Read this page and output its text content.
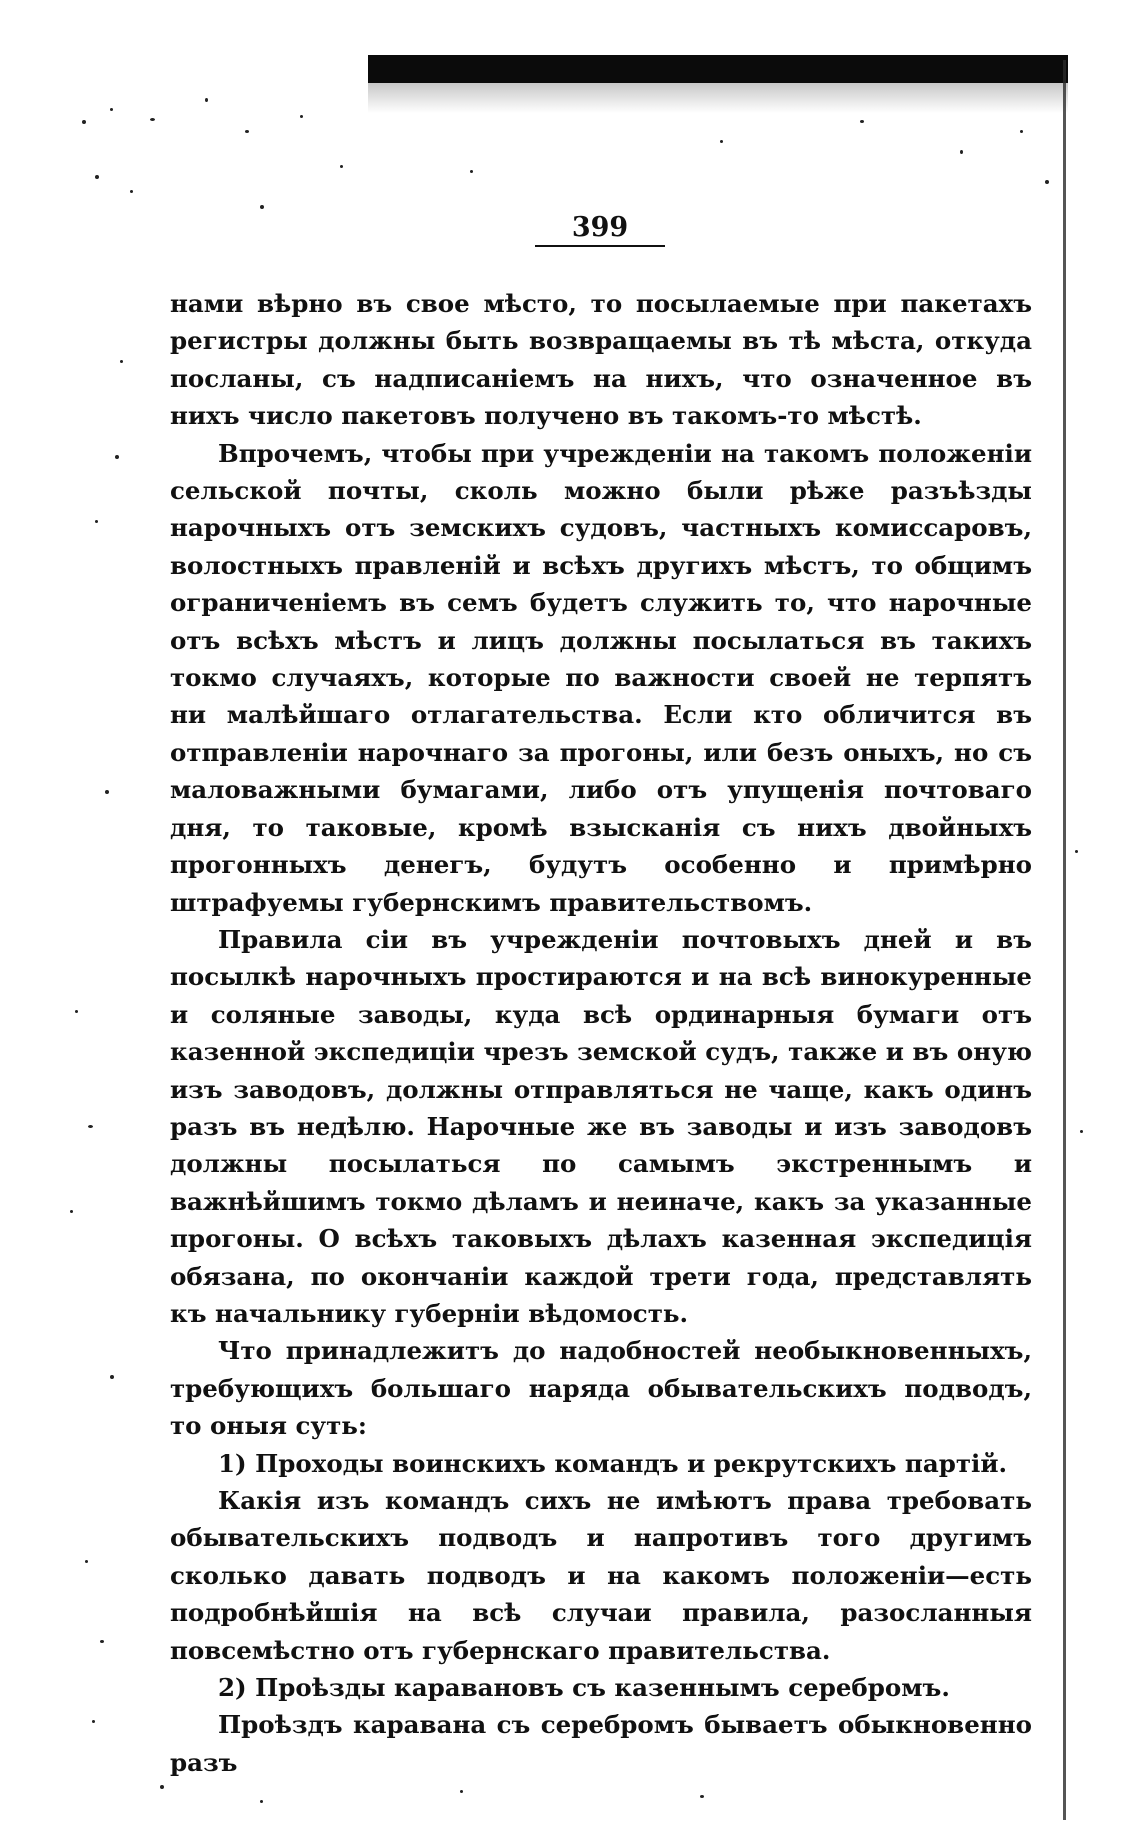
399

нами вѣрно въ свое мѣсто, то посылаемые при пакетахъ регистры должны быть возвращаемы въ тѣ мѣста, откуда посланы, съ надписаніемъ на нихъ, что означенное въ нихъ число пакетовъ получено въ такомъ-то мѣстѣ.

Впрочемъ, чтобы при учрежденіи на такомъ положеніи сельской почты, сколь можно были рѣже разъѣзды нарочныхъ отъ земскихъ судовъ, частныхъ комиссаровъ, волостныхъ правленій и всѣхъ другихъ мѣстъ, то общимъ ограниченіемъ въ семъ будетъ служить то, что нарочные отъ всѣхъ мѣстъ и лицъ должны посылаться въ такихъ токмо случаяхъ, которые по важности своей не терпятъ ни малѣйшаго отлагательства. Если кто обличится въ отправленіи нарочнаго за прогоны, или безъ оныхъ, но съ маловажными бумагами, либо отъ упущенія почтоваго дня, то таковые, кромѣ взысканія съ нихъ двойныхъ прогонныхъ денегъ, будутъ особенно и примѣрно штрафуемы губернскимъ правительствомъ.

Правила сіи въ учрежденіи почтовыхъ дней и въ посылкѣ нарочныхъ простираются и на всѣ винокуренные и соляные заводы, куда всѣ ординарныя бумаги отъ казенной экспедиціи чрезъ земской судъ, также и въ оную изъ заводовъ, должны отправляться не чаще, какъ одинъ разъ въ недѣлю. Нарочные же въ заводы и изъ заводовъ должны посылаться по самымъ экстреннымъ и важнѣйшимъ токмо дѣламъ и неиначе, какъ за указанные прогоны. О всѣхъ таковыхъ дѣлахъ казенная экспедиція обязана, по окончаніи каждой трети года, представлять къ начальнику губерніи вѣдомость.

Что принадлежитъ до надобностей необыкновенныхъ, требующихъ большаго наряда обывательскихъ подводъ, то оныя суть:

1) Проходы воинскихъ командъ и рекрутскихъ партій.

Какія изъ командъ сихъ не имѣютъ права требовать обывательскихъ подводъ и напротивъ того другимъ сколько давать подводъ и на какомъ положеніи—есть подробнѣйшія на всѣ случаи правила, разосланныя повсемѣстно отъ губернскаго правительства.

2) Проѣзды каравановъ съ казеннымъ серебромъ.

Проѣздъ каравана съ серебромъ бываетъ обыкновенно разъ
